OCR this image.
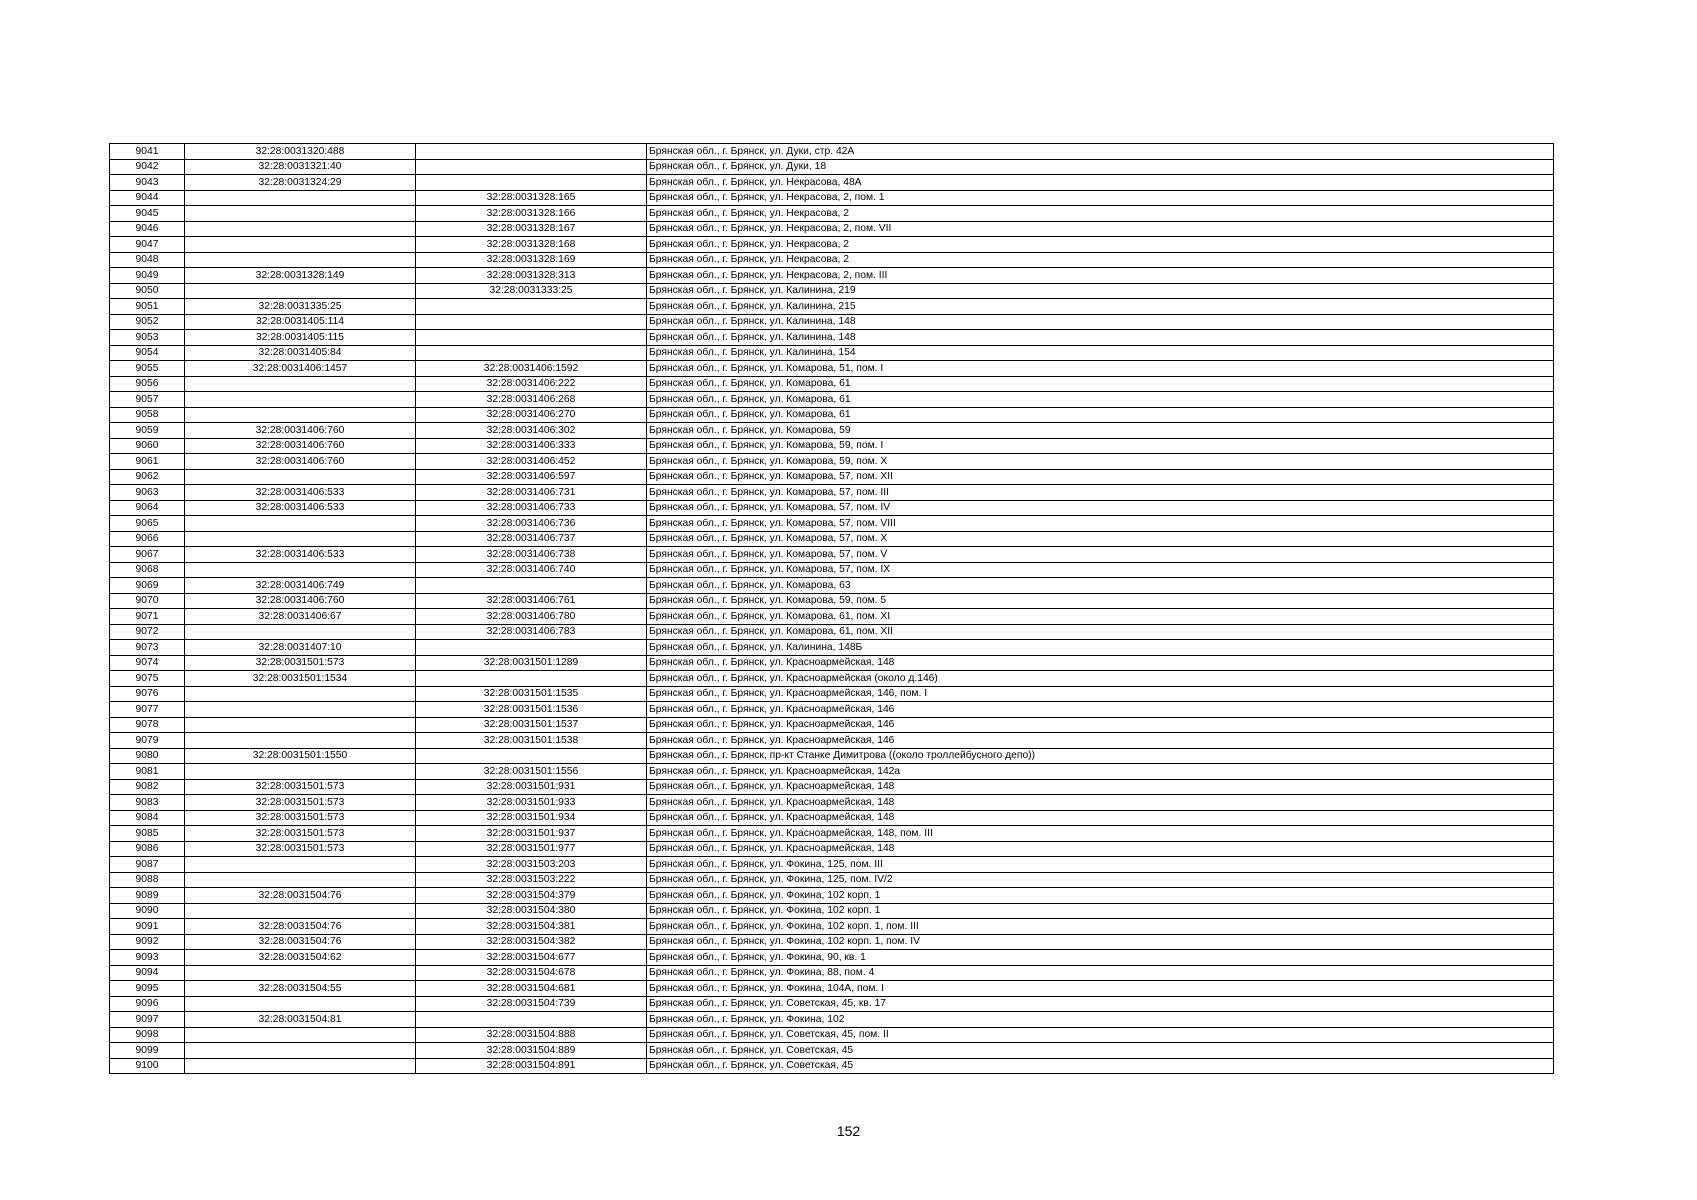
9041	32:28:0031320:488		Брянская обл., г. Брянск, ул. Дуки, стр. 42А
9042	32:28:0031321:40		Брянская обл., г. Брянск, ул. Дуки, 18
9043	32:28:0031324:29		Брянская обл., г. Брянск, ул. Некрасова, 48А
9044		32:28:0031328:165	Брянская обл., г. Брянск, ул. Некрасова, 2, пом. 1
9045		32:28:0031328:166	Брянская обл., г. Брянск, ул. Некрасова, 2
9046		32:28:0031328:167	Брянская обл., г. Брянск, ул. Некрасова, 2, пом. VII
9047		32:28:0031328:168	Брянская обл., г. Брянск, ул. Некрасова, 2
9048		32:28:0031328:169	Брянская обл., г. Брянск, ул. Некрасова, 2
9049	32:28:0031328:149	32:28:0031328:313	Брянская обл., г. Брянск, ул. Некрасова, 2, пом. III
9050		32:28:0031333:25	Брянская обл., г. Брянск, ул. Калинина, 219
9051	32:28:0031335:25		Брянская обл., г. Брянск, ул. Калинина, 215
9052	32:28:0031405:114		Брянская обл., г. Брянск, ул. Калинина, 148
9053	32:28:0031405:115		Брянская обл., г. Брянск, ул. Калинина, 148
9054	32:28:0031405:84		Брянская обл., г. Брянск, ул. Калинина, 154
9055	32:28:0031406:1457	32:28:0031406:1592	Брянская обл., г. Брянск, ул. Комарова, 51, пом. I
9056		32:28:0031406:222	Брянская обл., г. Брянск, ул. Комарова, 61
9057		32:28:0031406:268	Брянская обл., г. Брянск, ул. Комарова, 61
9058		32:28:0031406:270	Брянская обл., г. Брянск, ул. Комарова, 61
9059	32:28:0031406:760	32:28:0031406:302	Брянская обл., г. Брянск, ул. Комарова, 59
9060	32:28:0031406:760	32:28:0031406:333	Брянская обл., г. Брянск, ул. Комарова, 59, пом. I
9061	32:28:0031406:760	32:28:0031406:452	Брянская обл., г. Брянск, ул. Комарова, 59, пом. X
9062		32:28:0031406:597	Брянская обл., г. Брянск, ул. Комарова, 57, пом. XII
9063	32:28:0031406:533	32:28:0031406:731	Брянская обл., г. Брянск, ул. Комарова, 57, пом. III
9064	32:28:0031406:533	32:28:0031406:733	Брянская обл., г. Брянск, ул. Комарова, 57, пом. IV
9065		32:28:0031406:736	Брянская обл., г. Брянск, ул. Комарова, 57, пом. VIII
9066		32:28:0031406:737	Брянская обл., г. Брянск, ул. Комарова, 57, пом. X
9067	32:28:0031406:533	32:28:0031406:738	Брянская обл., г. Брянск, ул. Комарова, 57, пом. V
9068		32:28:0031406:740	Брянская обл., г. Брянск, ул. Комарова, 57, пом. IX
9069	32:28:0031406:749		Брянская обл., г. Брянск, ул. Комарова, 63
9070	32:28:0031406:760	32:28:0031406:761	Брянская обл., г. Брянск, ул. Комарова, 59, пом. 5
9071	32:28:0031406:67	32:28:0031406:780	Брянская обл., г. Брянск, ул. Комарова, 61, пом. XI
9072		32:28:0031406:783	Брянская обл., г. Брянск, ул. Комарова, 61, пом. XII
9073	32:28:0031407:10		Брянская обл., г. Брянск, ул. Калинина, 148Б
9074	32:28:0031501:573	32:28:0031501:1289	Брянская обл., г. Брянск, ул. Красноармейская, 148
9075	32:28:0031501:1534		Брянская обл., г. Брянск, ул. Красноармейская (около д.146)
9076		32:28:0031501:1535	Брянская обл., г. Брянск, ул. Красноармейская, 146, пом. I
9077		32:28:0031501:1536	Брянская обл., г. Брянск, ул. Красноармейская, 146
9078		32:28:0031501:1537	Брянская обл., г. Брянск, ул. Красноармейская, 146
9079		32:28:0031501:1538	Брянская обл., г. Брянск, ул. Красноармейская, 146
9080	32:28:0031501:1550		Брянская обл., г. Брянск, пр-кт Станке Димитрова ((около троллейбусного депо))
9081		32:28:0031501:1556	Брянская обл., г. Брянск, ул. Красноармейская, 142а
9082	32:28:0031501:573	32:28:0031501:931	Брянская обл., г. Брянск, ул. Красноармейская, 148
9083	32:28:0031501:573	32:28:0031501:933	Брянская обл., г. Брянск, ул. Красноармейская, 148
9084	32:28:0031501:573	32:28:0031501:934	Брянская обл., г. Брянск, ул. Красноармейская, 148
9085	32:28:0031501:573	32:28:0031501:937	Брянская обл., г. Брянск, ул. Красноармейская, 148, пом. III
9086	32:28:0031501:573	32:28:0031501:977	Брянская обл., г. Брянск, ул. Красноармейская, 148
9087		32:28:0031503:203	Брянская обл., г. Брянск, ул. Фокина, 125, пом. III
9088		32:28:0031503:222	Брянская обл., г. Брянск, ул. Фокина, 125, пом. IV/2
9089	32:28:0031504:76	32:28:0031504:379	Брянская обл., г. Брянск, ул. Фокина, 102 корп. 1
9090		32:28:0031504:380	Брянская обл., г. Брянск, ул. Фокина, 102 корп. 1
9091	32:28:0031504:76	32:28:0031504:381	Брянская обл., г. Брянск, ул. Фокина, 102 корп. 1, пом. III
9092	32:28:0031504:76	32:28:0031504:382	Брянская обл., г. Брянск, ул. Фокина, 102 корп. 1, пом. IV
9093	32:28:0031504:62	32:28:0031504:677	Брянская обл., г. Брянск, ул. Фокина, 90, кв. 1
9094		32:28:0031504:678	Брянская обл., г. Брянск, ул. Фокина, 88, пом. 4
9095	32:28:0031504:55	32:28:0031504:681	Брянская обл., г. Брянск, ул. Фокина, 104А, пом. I
9096		32:28:0031504:739	Брянская обл., г. Брянск, ул. Советская, 45, кв. 17
9097	32:28:0031504:81		Брянская обл., г. Брянск, ул. Фокина, 102
9098		32:28:0031504:888	Брянская обл., г. Брянск, ул. Советская, 45, пом. II
9099		32:28:0031504:889	Брянская обл., г. Брянск, ул. Советская, 45
9100		32:28:0031504:891	Брянская обл., г. Брянск, ул. Советская, 45
152
